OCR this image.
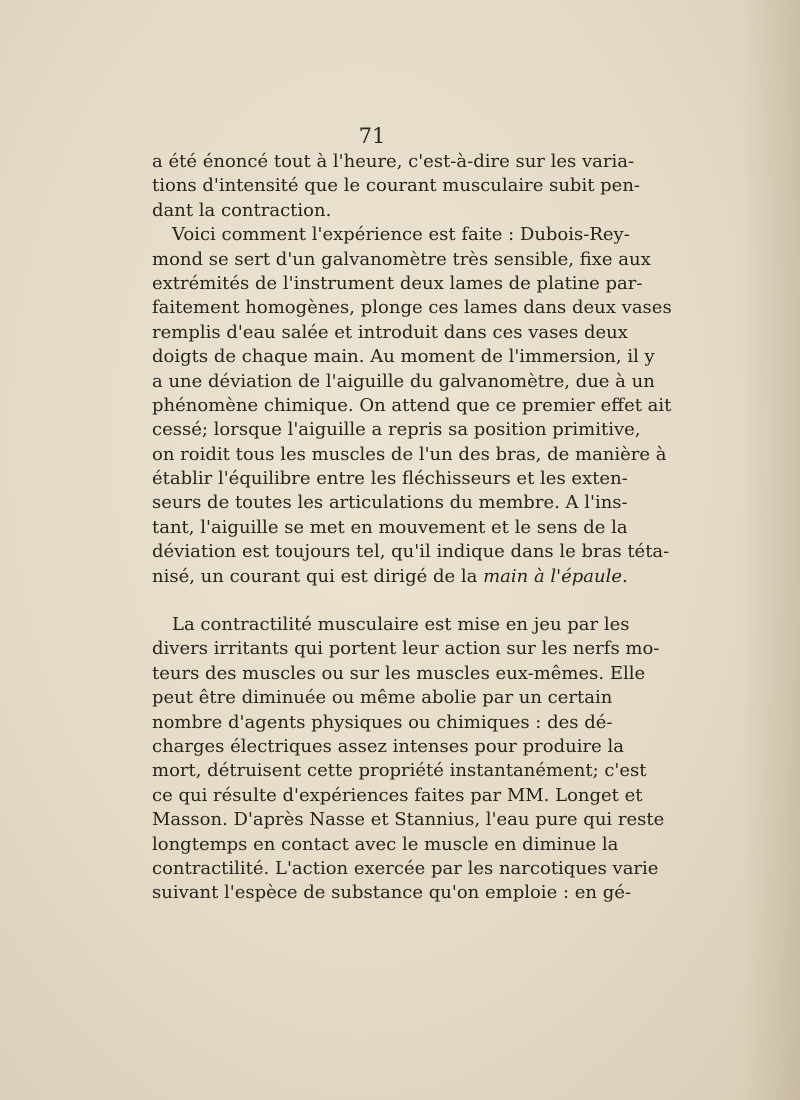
71
a été énoncé tout à l'heure, c'est-à-dire sur les varia-
tions d'intensité que le courant musculaire subit pen-
dant la contraction.
Voici comment l'expérience est faite : Dubois-Rey-
mond se sert d'un galvanomètre très sensible, fixe aux
extrémités de l'instrument deux lames de platine par-
faitement homogènes, plonge ces lames dans deux vases
remplis d'eau salée et introduit dans ces vases deux
doigts de chaque main. Au moment de l'immersion, il y
a une déviation de l'aiguille du galvanomètre, due à un
phénomène chimique. On attend que ce premier effet ait
cessé; lorsque l'aiguille a repris sa position primitive,
on roidit tous les muscles de l'un des bras, de manière à
établir l'équilibre entre les fléchisseurs et les exten-
seurs de toutes les articulations du membre. A l'ins-
tant, l'aiguille se met en mouvement et le sens de la
déviation est toujours tel, qu'il indique dans le bras téta-
nisé, un courant qui est dirigé de la main à l'épaule.
La contractilité musculaire est mise en jeu par les
divers irritants qui portent leur action sur les nerfs mo-
teurs des muscles ou sur les muscles eux-mêmes. Elle
peut être diminuée ou même abolie par un certain
nombre d'agents physiques ou chimiques : des dé-
charges électriques assez intenses pour produire la
mort, détruisent cette propriété instantanément; c'est
ce qui résulte d'expériences faites par MM. Longet et
Masson. D'après Nasse et Stannius, l'eau pure qui reste
longtemps en contact avec le muscle en diminue la
contractilité. L'action exercée par les narcotiques varie
suivant l'espèce de substance qu'on emploie : en gé-
